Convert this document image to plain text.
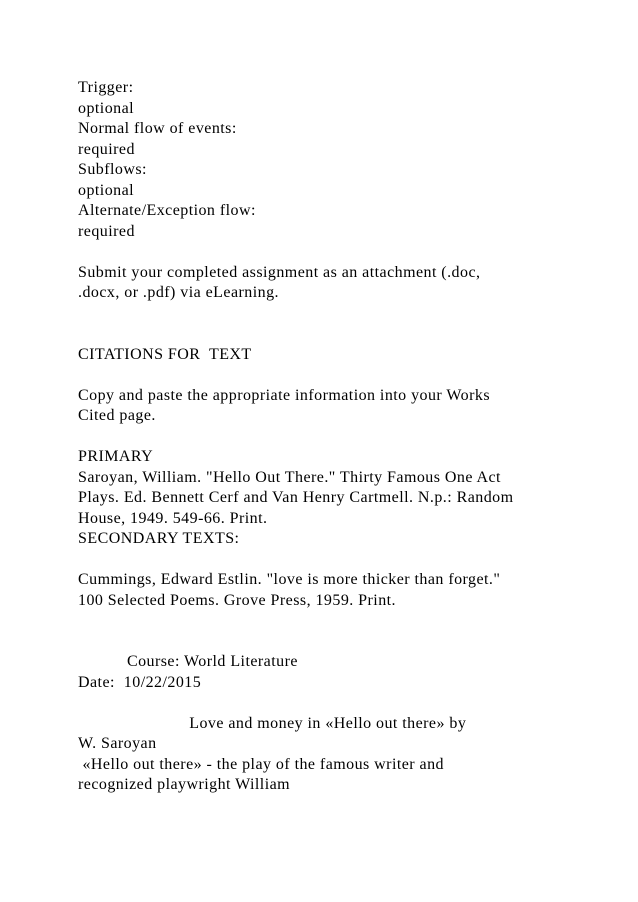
Trigger:

optional

Normal flow of events:

required

Subflows:

optional

Alternate/Exception flow:

required

Submit your completed assignment as an attachment (.doc,

.docx, or .pdf) via eLearning.

CITATIONS FOR  TEXT

Copy and paste the appropriate information into your Works

Cited page.

PRIMARY

Saroyan, William. "Hello Out There." Thirty Famous One Act

Plays. Ed. Bennett Cerf and Van Henry Cartmell. N.p.: Random

House, 1949. 549-66. Print.

SECONDARY TEXTS:

Cummings, Edward Estlin. "love is more thicker than forget."

100 Selected Poems. Grove Press, 1959. Print.

Course: World Literature

Date:  10/22/2015

Love and money in «Hello out there» by

W. Saroyan

«Hello out there» - the play of the famous writer and

recognized playwright William
